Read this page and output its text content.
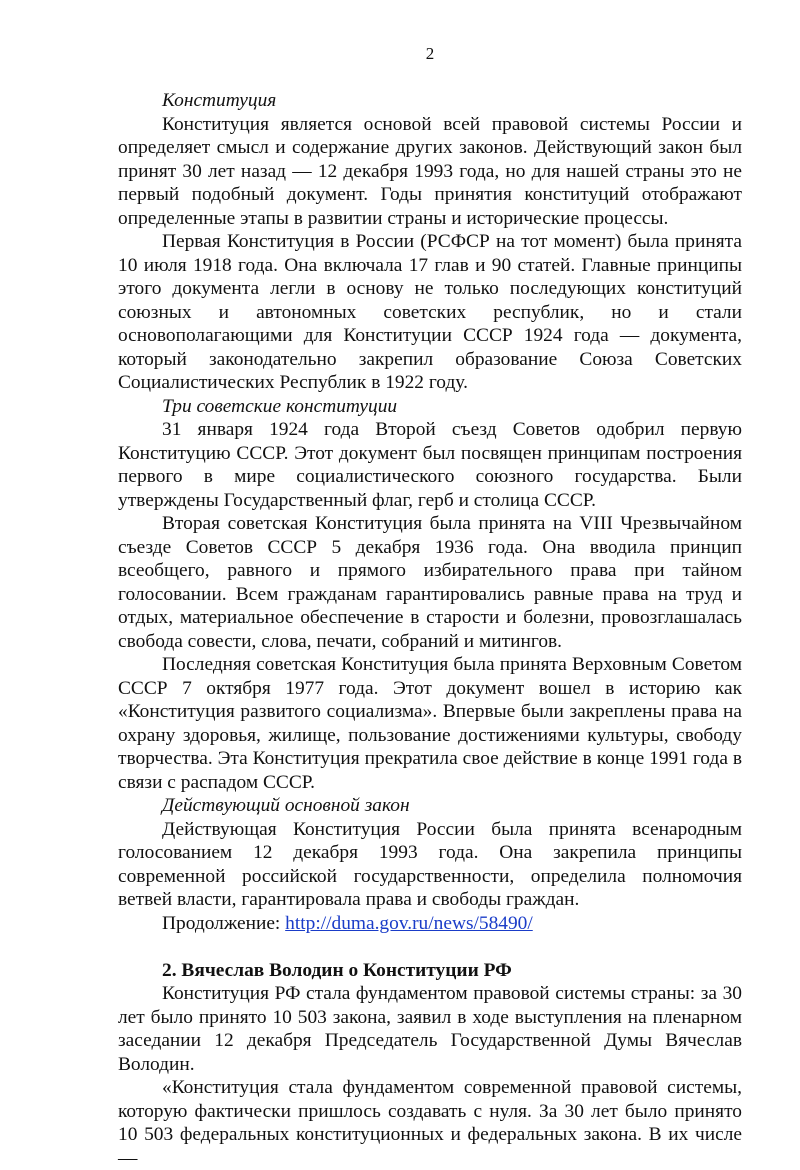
2

Конституция

Конституция является основой всей правовой системы России и определяет смысл и содержание других законов. Действующий закон был принят 30 лет назад — 12 декабря 1993 года, но для нашей страны это не первый подобный документ. Годы принятия конституций отображают определенные этапы в развитии страны и исторические процессы.

Первая Конституция в России (РСФСР на тот момент) была принята 10 июля 1918 года. Она включала 17 глав и 90 статей. Главные принципы этого документа легли в основу не только последующих конституций союзных и автономных советских республик, но и стали основополагающими для Конституции СССР 1924 года — документа, который законодательно закрепил образование Союза Советских Социалистических Республик в 1922 году.

Три советские конституции

31 января 1924 года Второй съезд Советов одобрил первую Конституцию СССР. Этот документ был посвящен принципам построения первого в мире социалистического союзного государства. Были утверждены Государственный флаг, герб и столица СССР.

Вторая советская Конституция была принята на VIII Чрезвычайном съезде Советов СССР 5 декабря 1936 года. Она вводила принцип всеобщего, равного и прямого избирательного права при тайном голосовании. Всем гражданам гарантировались равные права на труд и отдых, материальное обеспечение в старости и болезни, провозглашалась свобода совести, слова, печати, собраний и митингов.

Последняя советская Конституция была принята Верховным Советом СССР 7 октября 1977 года. Этот документ вошел в историю как «Конституция развитого социализма». Впервые были закреплены права на охрану здоровья, жилище, пользование достижениями культуры, свободу творчества. Эта Конституция прекратила свое действие в конце 1991 года в связи с распадом СССР.

Действующий основной закон

Действующая Конституция России была принята всенародным голосованием 12 декабря 1993 года. Она закрепила принципы современной российской государственности, определила полномочия ветвей власти, гарантировала права и свободы граждан.

Продолжение: http://duma.gov.ru/news/58490/

2. Вячеслав Володин о Конституции РФ

Конституция РФ стала фундаментом правовой системы страны: за 30 лет было принято 10 503 закона, заявил в ходе выступления на пленарном заседании 12 декабря Председатель Государственной Думы Вячеслав Володин.

«Конституция стала фундаментом современной правовой системы, которую фактически пришлось создавать с нуля. За 30 лет было принято 10 503 федеральных конституционных и федеральных закона. В их числе —
